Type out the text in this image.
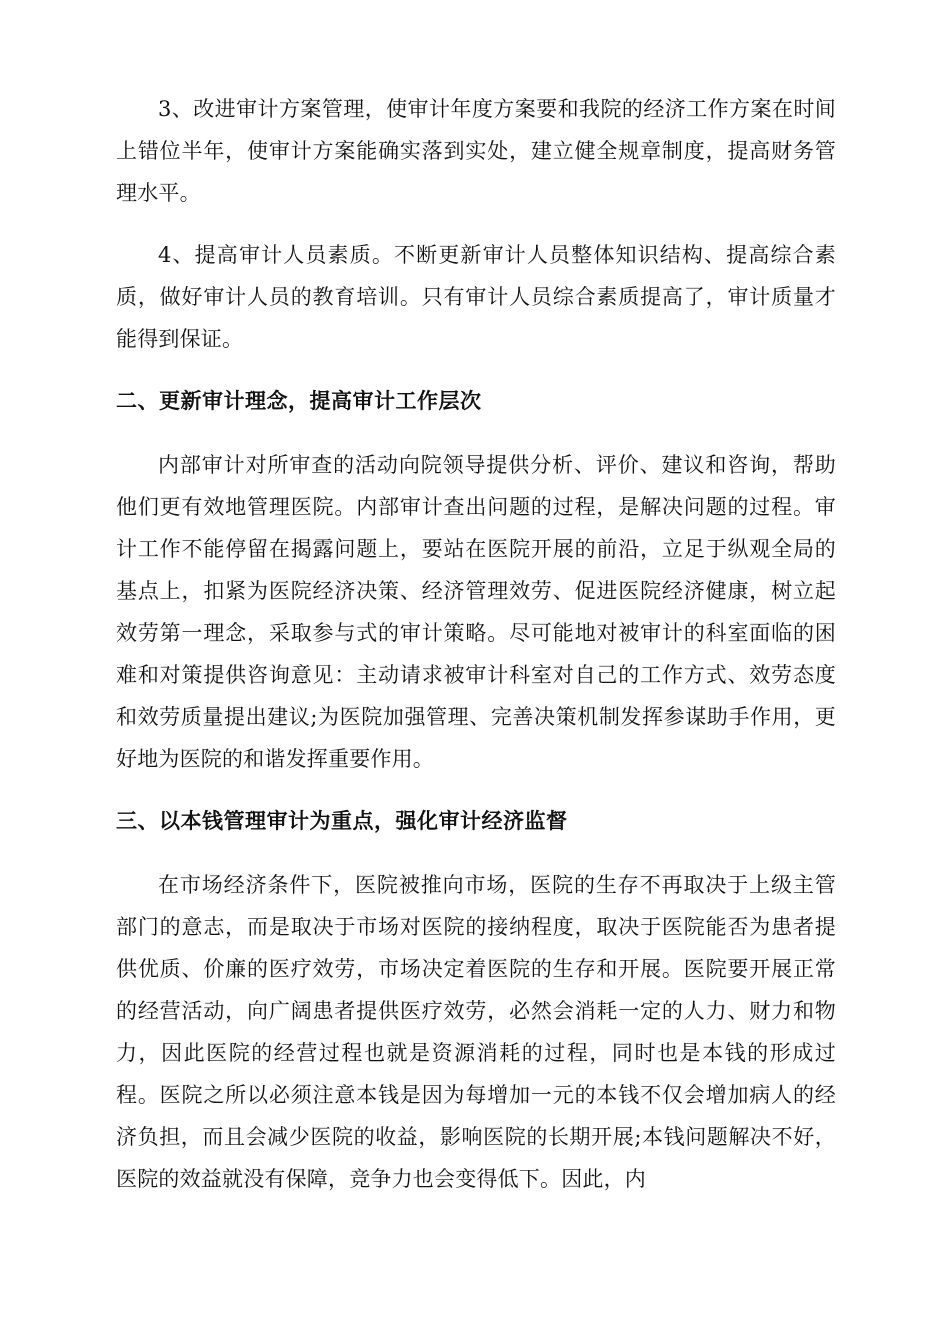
3、改进审计方案管理，使审计年度方案要和我院的经济工作方案在时间上错位半年，使审计方案能确实落到实处，建立健全规章制度，提高财务管理水平。

4、提高审计人员素质。不断更新审计人员整体知识结构、提高综合素质，做好审计人员的教育培训。只有审计人员综合素质提高了，审计质量才能得到保证。

二、更新审计理念，提高审计工作层次

内部审计对所审查的活动向院领导提供分析、评价、建议和咨询，帮助他们更有效地管理医院。内部审计查出问题的过程，是解决问题的过程。审计工作不能停留在揭露问题上，要站在医院开展的前沿，立足于纵观全局的基点上，扣紧为医院经济决策、经济管理效劳、促进医院经济健康，树立起效劳第一理念，采取参与式的审计策略。尽可能地对被审计的科室面临的困难和对策提供咨询意见：主动请求被审计科室对自己的工作方式、效劳态度和效劳质量提出建议;为医院加强管理、完善决策机制发挥参谋助手作用，更好地为医院的和谐发挥重要作用。

三、以本钱管理审计为重点，强化审计经济监督

在市场经济条件下，医院被推向市场，医院的生存不再取决于上级主管部门的意志，而是取决于市场对医院的接纳程度，取决于医院能否为患者提供优质、价廉的医疗效劳，市场决定着医院的生存和开展。医院要开展正常的经营活动，向广阔患者提供医疗效劳，必然会消耗一定的人力、财力和物力，因此医院的经营过程也就是资源消耗的过程，同时也是本钱的形成过程。医院之所以必须注意本钱是因为每增加一元的本钱不仅会增加病人的经济负担，而且会减少医院的收益，影响医院的长期开展;本钱问题解决不好，医院的效益就没有保障，竞争力也会变得低下。因此，内
